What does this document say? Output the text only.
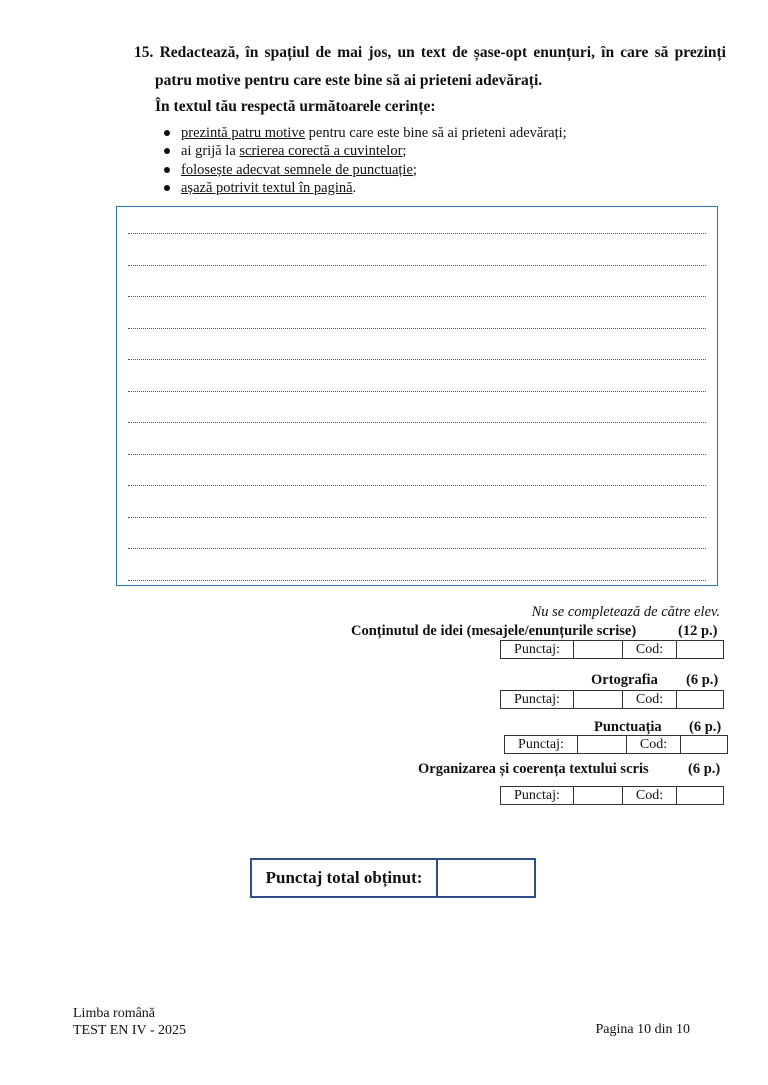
15. Redactează, în spațiul de mai jos, un text de șase-opt enunțuri, în care să prezinți
patru motive pentru care este bine să ai prieteni adevărați.
În textul tău respectă următoarele cerințe:
prezintă patru motive pentru care este bine să ai prieteni adevărați;
ai grijă la scrierea corectă a cuvintelor;
folosește adecvat semnele de punctuație;
așază potrivit textul în pagină.
Nu se completează de către elev.
Conținutul de idei (mesajele/enunțurile scrise)	(12 p.)
Punctaj:		Cod:	
Ortografia (6 p.)
Punctaj:		Cod:	
Punctuația (6 p.)
Punctaj:		Cod:	
Organizarea și coerența textului scris	(6 p.)
Punctaj:		Cod:	
Punctaj total obținut:
Limba română
TEST EN IV - 2025	Pagina 10 din 10
